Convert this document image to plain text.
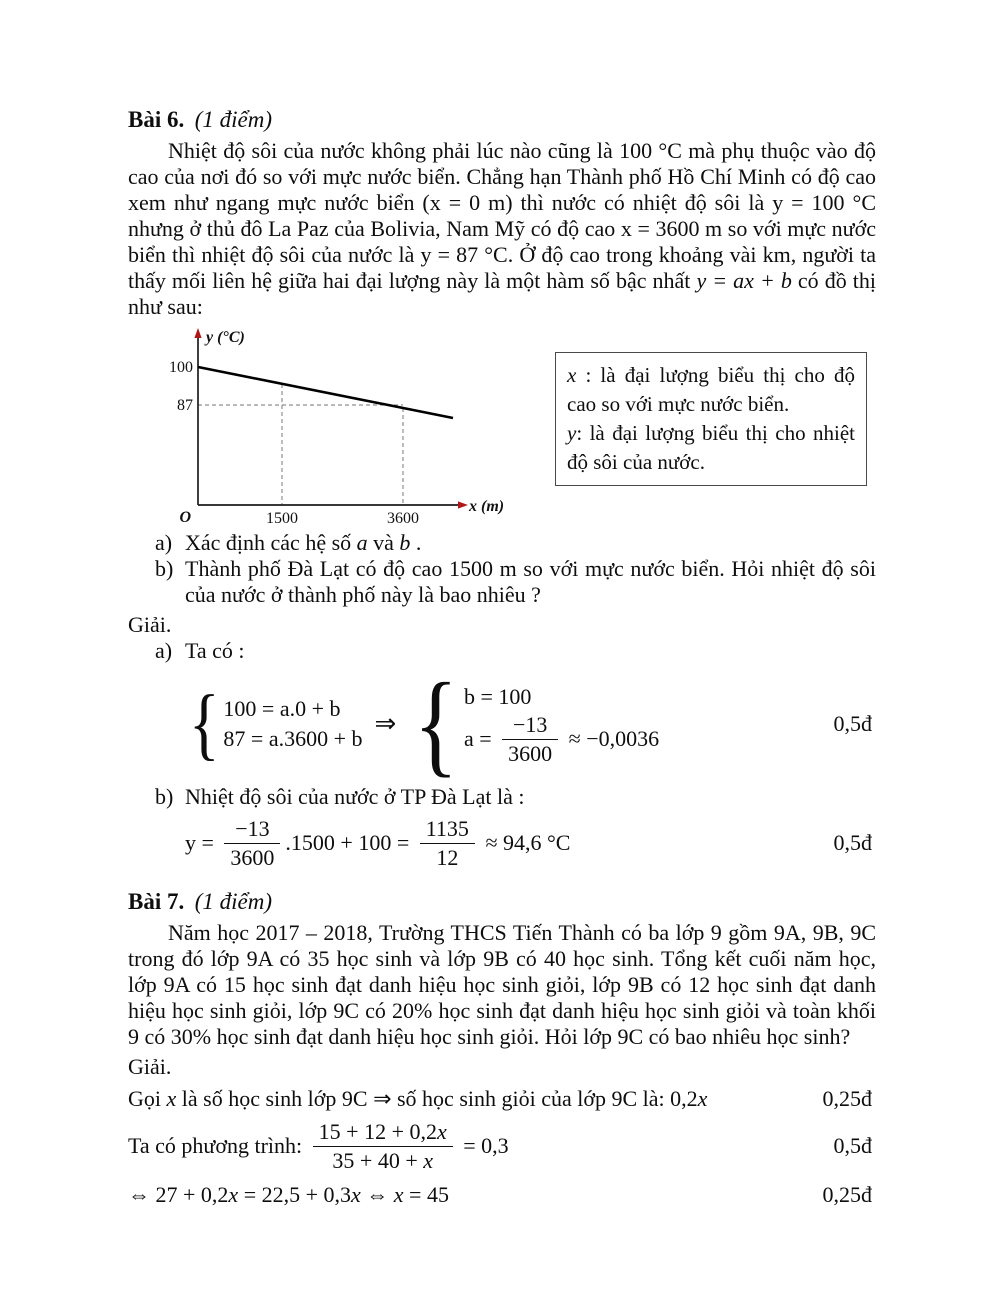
Bài 6. (1 điểm)

Nhiệt độ sôi của nước không phải lúc nào cũng là 100 °C mà phụ thuộc vào độ cao của nơi đó so với mực nước biển. Chẳng hạn Thành phố Hồ Chí Minh có độ cao xem như ngang mực nước biển (x = 0 m) thì nước có nhiệt độ sôi là y = 100 °C nhưng ở thủ đô La Paz của Bolivia, Nam Mỹ có độ cao x = 3600 m so với mực nước biển thì nhiệt độ sôi của nước là y = 87 °C. Ở độ cao trong khoảng vài km, người ta thấy mối liên hệ giữa hai đại lượng này là một hàm số bậc nhất y = ax + b có đồ thị như sau:

y (°C)
100
87
O	1500	3600
x (m)

x : là đại lượng biểu thị cho độ cao so với mực nước biển.

y: là đại lượng biểu thị cho nhiệt độ sôi của nước.

a) Xác định các hệ số a và b .
b) Thành phố Đà Lạt có độ cao 1500 m so với mực nước biển. Hỏi nhiệt độ sôi của nước ở thành phố này là bao nhiêu ?
Giải.
a) Ta có :
{ 100 = a.0 + b
87 = a.3600 + b
⇒ { b = 100
$a = \frac{-13}{3600} \approx -0,0036$
0,5đ
b) Nhiệt độ sôi của nước ở TP Đà Lạt là :
$y = \frac{-13}{3600} .1500 + 100 = \frac{1135}{12} \approx 94,6$ °C	0,5đ
Bài 7. (1 điểm)

Năm học 2017 – 2018, Trường THCS Tiến Thành có ba lớp 9 gồm 9A, 9B, 9C trong đó lớp 9A có 35 học sinh và lớp 9B có 40 học sinh. Tổng kết cuối năm học, lớp 9A có 15 học sinh đạt danh hiệu học sinh giỏi, lớp 9B có 12 học sinh đạt danh hiệu học sinh giỏi, lớp 9C có 20% học sinh đạt danh hiệu học sinh giỏi và toàn khối 9 có 30% học sinh đạt danh hiệu học sinh giỏi. Hỏi lớp 9C có bao nhiêu học sinh?

Giải.
Gọi x là số học sinh lớp 9C ⇒ số học sinh giỏi của lớp 9C là: 0,2x	0,25đ
Ta có phương trình: $\frac{15 + 12 + 0,2x}{35 + 40 + x} = 0,3$	0,5đ
⇔ 27 + 0,2x = 22,5 + 0,3x ⇔ x = 45	0,25đ
